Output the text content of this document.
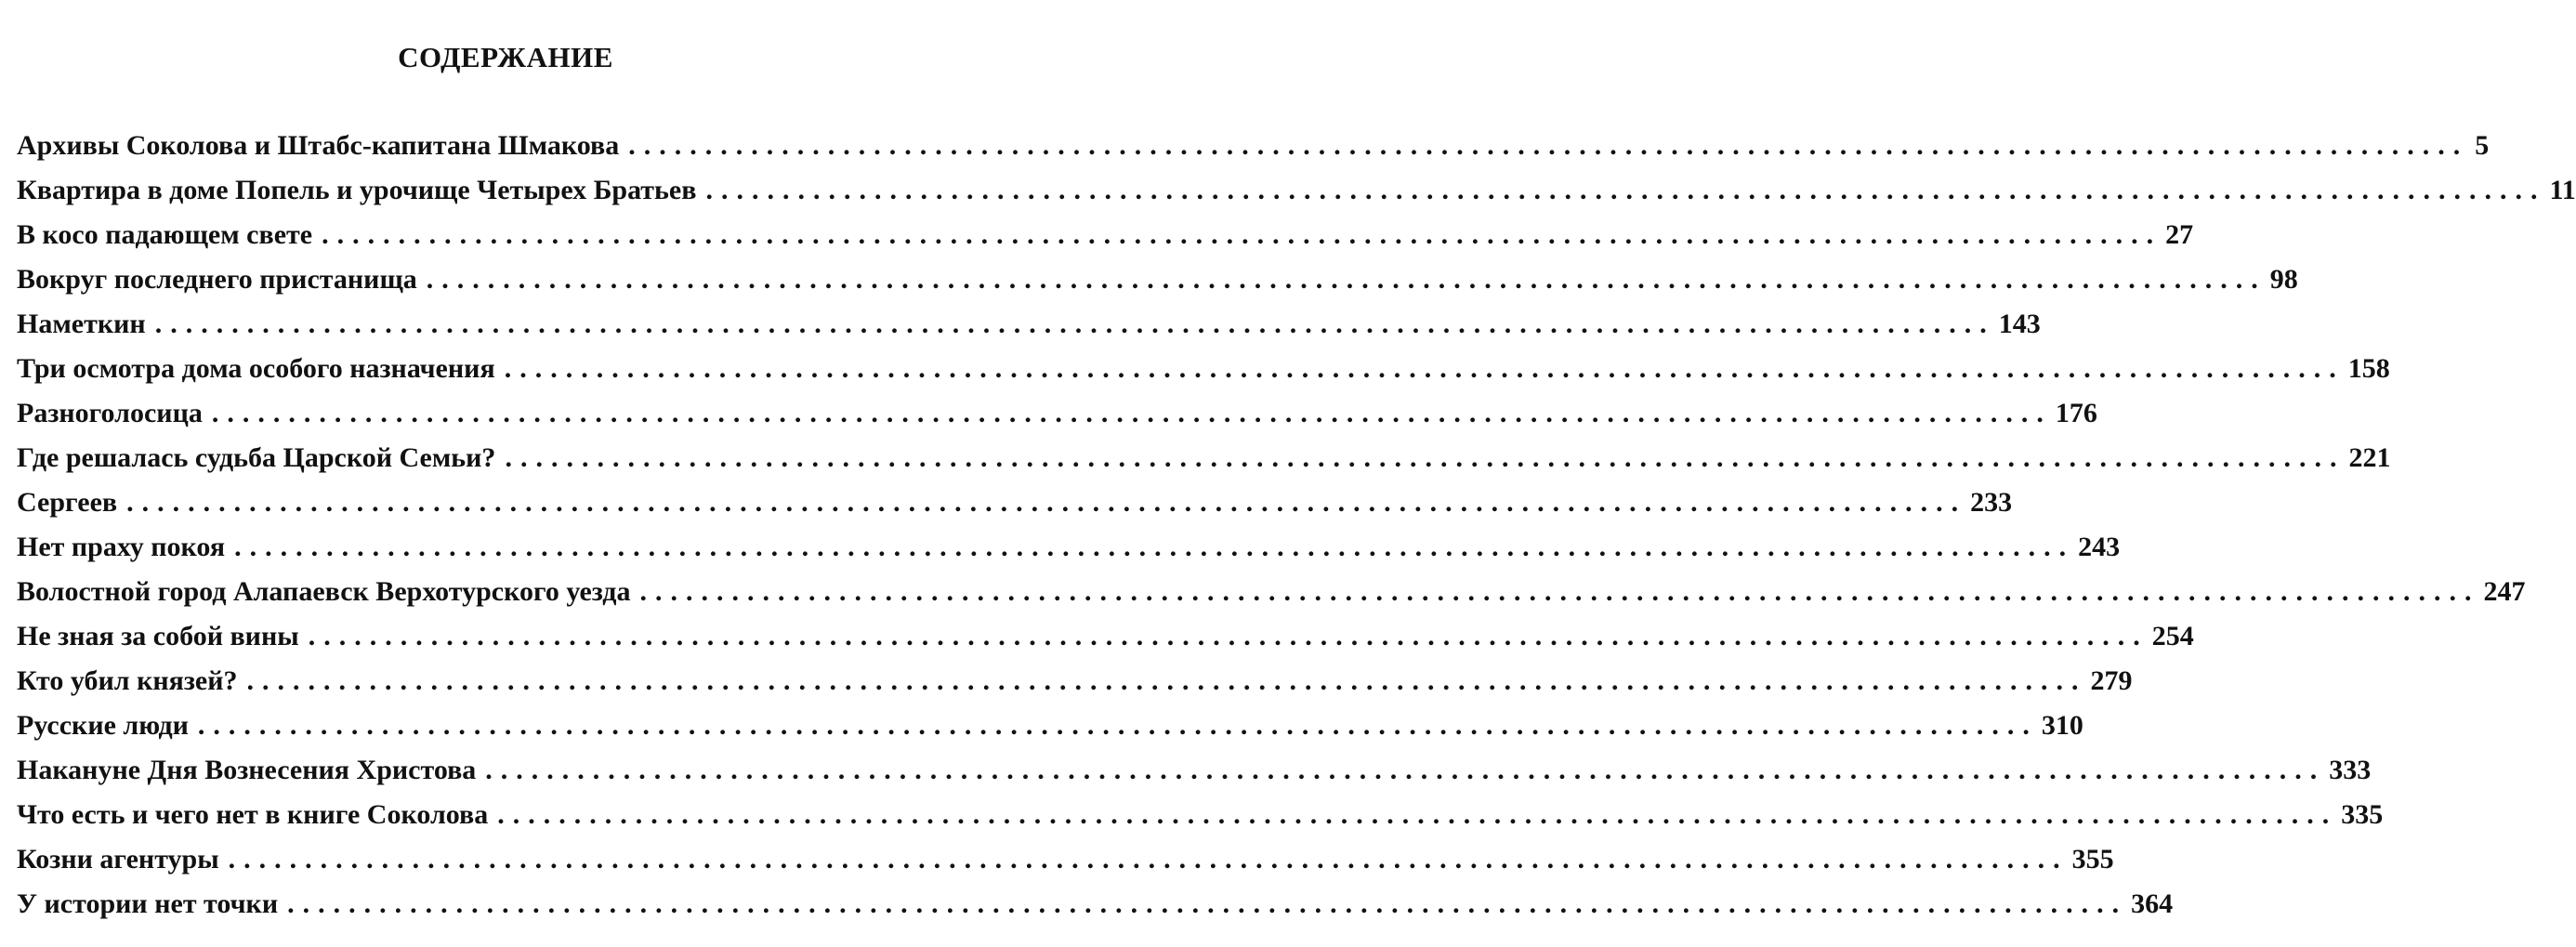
СОДЕРЖАНИЕ
Архивы Соколова и Штабс-капитана Шмакова ........................................................................................................................ 5
Квартира в доме Попель и урочище Четырех Братьев ........................................................................................................................ 11
В косо падающем свете ........................................................................................................................ 27
Вокруг последнего пристанища ........................................................................................................................ 98
Наметкин ........................................................................................................................ 143
Три осмотра дома особого назначения ........................................................................................................................ 158
Разноголосица ........................................................................................................................ 176
Где решалась судьба Царской Семьи? ........................................................................................................................ 221
Сергеев ........................................................................................................................ 233
Нет праху покоя ........................................................................................................................ 243
Волостной город Алапаевск Верхотурского уезда ........................................................................................................................ 247
Не зная за собой вины ........................................................................................................................ 254
Кто убил князей? ........................................................................................................................ 279
Русские люди ........................................................................................................................ 310
Накануне Дня Вознесения Христова ........................................................................................................................ 333
Что есть и чего нет в книге Соколова ........................................................................................................................ 335
Козни агентуры ........................................................................................................................ 355
У истории нет точки ........................................................................................................................ 364
